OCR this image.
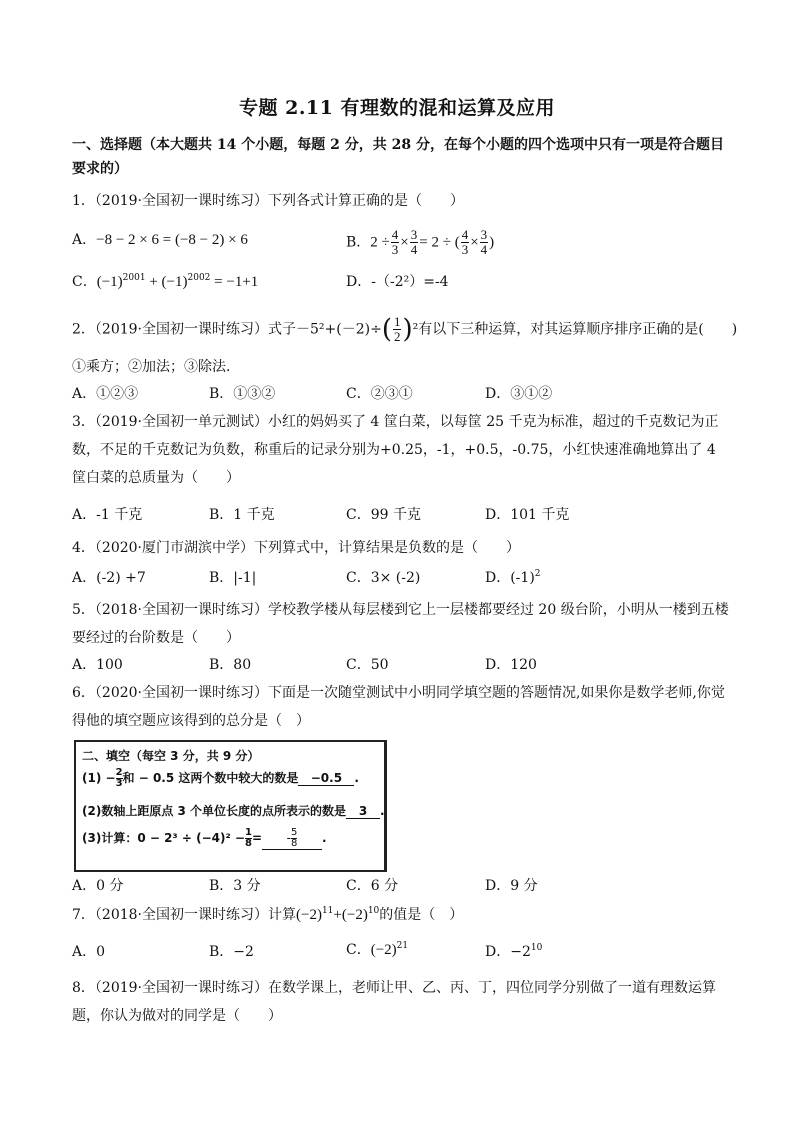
专题 2.11 有理数的混和运算及应用
一、选择题（本大题共 14 个小题，每题 2 分，共 28 分，在每个小题的四个选项中只有一项是符合题目要求的）
1．（2019·全国初一课时练习）下列各式计算正确的是（　　）
A．−8 − 2 × 6 = (−8 − 2) × 6	B．$2 \div \frac{4}{3} \times \frac{3}{4} = 2$ ÷ ( $\frac{4}{3} \times \frac{3}{4}$ )
C．$(-1)^{2001} + (-1)^{2002} = -1+1$	D．-（-2²）=-4
2．（2019·全国初一课时练习）式子$-5^2+(-2)\div( \frac{1}{2} )^2$有以下三种运算，对其运算顺序排序正确的是(　　)
①乘方；②加法；③除法．
A．①②③	B．①③②	C．②③①	D．③①②
3．（2019·全国初一单元测试）小红的妈妈买了 4 筐白菜，以每筐 25 千克为标准，超过的千克数记为正数，不足的千克数记为负数，称重后的记录分别为+0.25，-1，+0.5，-0.75，小红快速准确地算出了 4 筐白菜的总质量为（　　）
A．-1 千克	B．1 千克	C．99 千克	D．101 千克
4．（2020·厦门市湖滨中学）下列算式中，计算结果是负数的是（　　）
A．(-2) +7	B．|-1|	C．3× (-2)	D．$(-1)^2$
5．（2018·全国初一课时练习）学校教学楼从每层楼到它上一层楼都要经过 20 级台阶，小明从一楼到五楼要经过的台阶数是（　　）
A．100	B．80	C．50	D．120
6．（2020·全国初一课时练习）下面是一次随堂测试中小明同学填空题的答题情况,如果你是数学老师,你觉得他的填空题应该得到的总分是（　）
二、填空（每空 3 分，共 9 分）
$(1) - \frac{2}{3}$ 和 − 0.5 这两个数中较大的数是 −0.5 .
(2)数轴上距原点 3 个单位长度的点所表示的数是 3 .
(3)计算：$0 - 2^3 \div (-4)^2 - \frac{1}{8}$ = - $\frac{5}{8}$ .
A．0 分	B．3 分	C．6 分	D．9 分
7．（2018·全国初一课时练习）计算$(-2)^{11}+(-2)^{10}$的值是（　）
A．0	B．−2	C．$(-2)^{21}$	D．$-2^{10}$
8．（2019·全国初一课时练习）在数学课上，老师让甲、乙、丙、丁，四位同学分别做了一道有理数运算题，你认为做对的同学是（　　）
